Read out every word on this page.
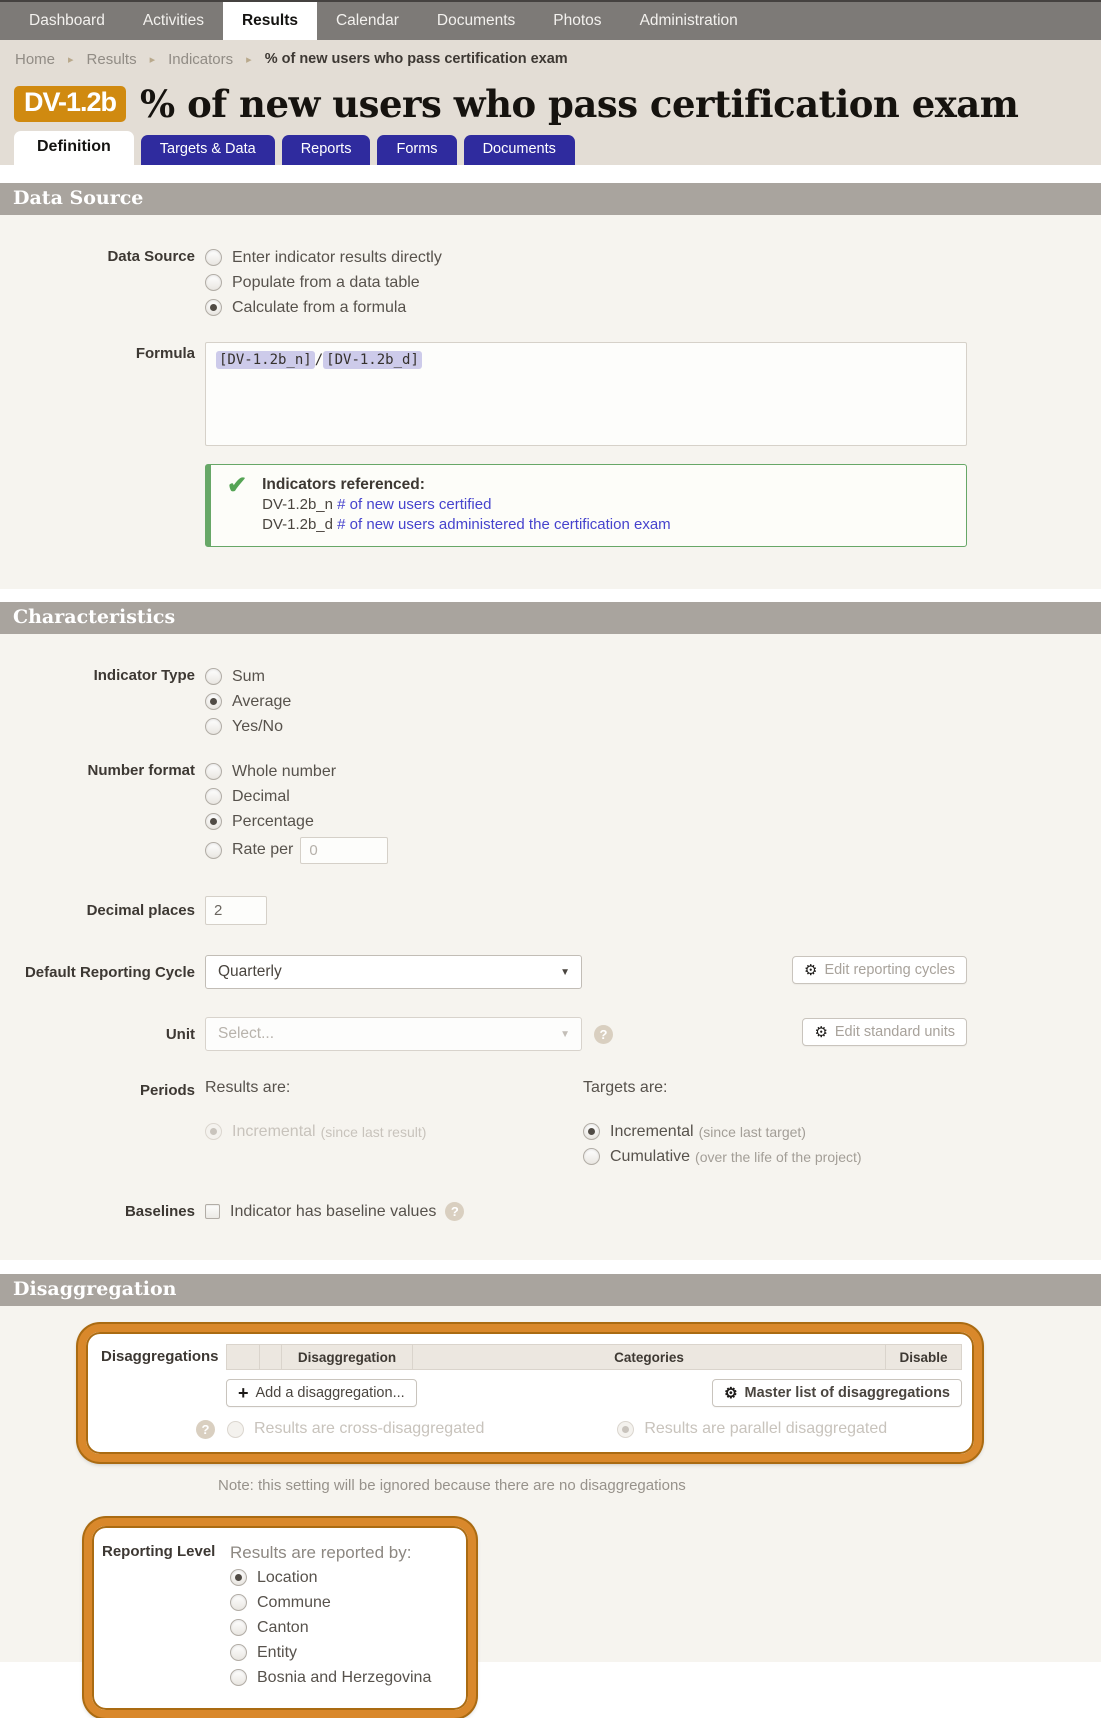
Dashboard	Activities	Results	Calendar	Documents	Photos	Administration
Home ▸ Results ▸ Indicators ▸ % of new users who pass certification exam
DV-1.2b % of new users who pass certification exam
Definition	Targets & Data	Reports	Forms	Documents
Data Source
Data Source Enter indicator results directly
Populate from a data table
Calculate from a formula
Formula	[DV-1.2b_n] / [DV-1.2b_d]
✔ Indicators referenced:
DV-1.2b_n # of new users certified
DV-1.2b_d # of new users administered the certification exam
Characteristics
Indicator Type Sum
Average
Yes/No
Number format Whole number
Decimal
Percentage
Rate per
0
Decimal places
2
Default Reporting Cycle Quarterly	▼	⚙ Edit reporting cycles
Unit Select...	▼	?	⚙ Edit standard units
Periods Results are:
Incremental (since last result)
Targets are:
Incremental (since last target)
Cumulative (over the life of the project)
Baselines Indicator has baseline values	?
Disaggregation
Disaggregations	Disaggregation	Categories	Disable
+ Add a disaggregation...	⚙ Master list of disaggregations
?	Results are cross-disaggregated	Results are parallel disaggregated
Note: this setting will be ignored because there are no disaggregations
Reporting Level Results are reported by:
Location
Commune
Canton
Entity
Bosnia and Herzegovina
